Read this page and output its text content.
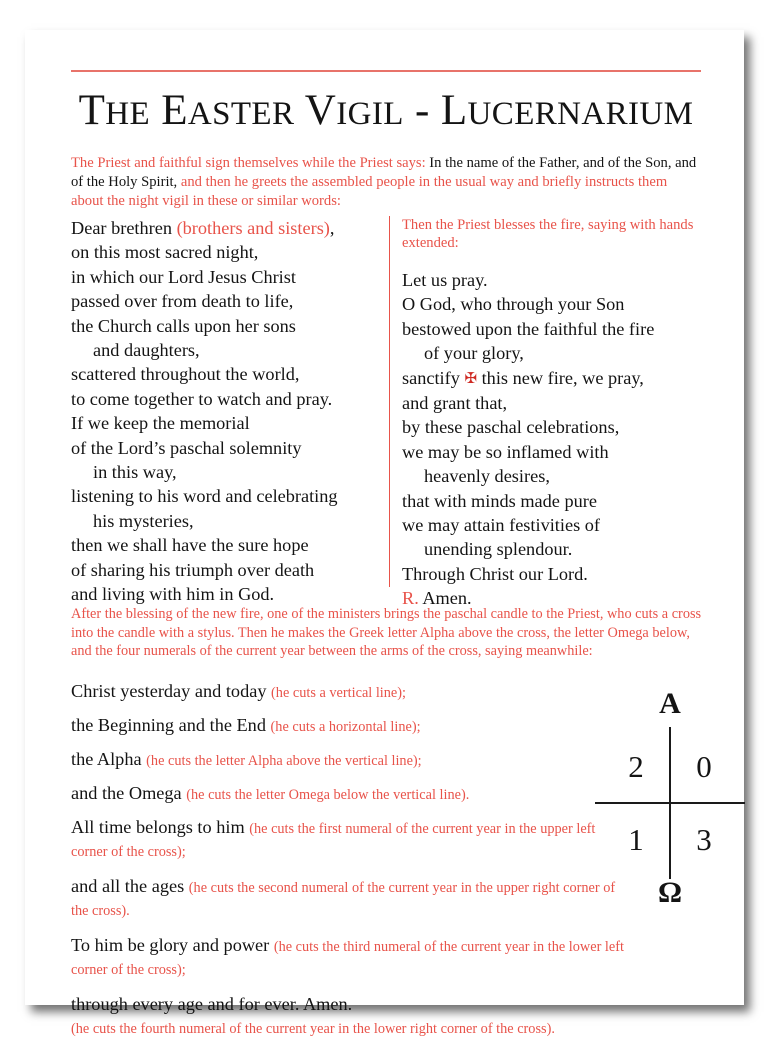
THE EASTER VIGIL - LUCERNARIUM
The Priest and faithful sign themselves while the Priest says: In the name of the Father, and of the Son, and of the Holy Spirit, and then he greets the assembled people in the usual way and briefly instructs them about the night vigil in these or similar words:
Dear brethren (brothers and sisters),
on this most sacred night,
in which our Lord Jesus Christ
passed over from death to life,
the Church calls upon her sons
and daughters,
scattered throughout the world,
to come together to watch and pray.
If we keep the memorial
of the Lord’s paschal solemnity
in this way,
listening to his word and celebrating
his mysteries,
then we shall have the sure hope
of sharing his triumph over death
and living with him in God.
Then the Priest blesses the fire, saying with hands extended:
Let us pray.
O God, who through your Son
bestowed upon the faithful the fire
of your glory,
sanctify ✠ this new fire, we pray,
and grant that,
by these paschal celebrations,
we may be so inflamed with
heavenly desires,
that with minds made pure
we may attain festivities of
unending splendour.
Through Christ our Lord.
R. Amen.
After the blessing of the new fire, one of the ministers brings the paschal candle to the Priest, who cuts a cross into the candle with a stylus. Then he makes the Greek letter Alpha above the cross, the letter Omega below, and the four numerals of the current year between the arms of the cross, saying meanwhile:
Christ yesterday and today (he cuts a vertical line);
the Beginning and the End (he cuts a horizontal line);
the Alpha (he cuts the letter Alpha above the vertical line);
and the Omega (he cuts the letter Omega below the vertical line).
All time belongs to him (he cuts the first numeral of the current year in the upper left corner of the cross);
and all the ages (he cuts the second numeral of the current year in the upper right corner of the cross).
To him be glory and power (he cuts the third numeral of the current year in the lower left corner of the cross);
through every age and for ever. Amen.
(he cuts the fourth numeral of the current year in the lower right corner of the cross).
A
2 0
1 3
Ω
